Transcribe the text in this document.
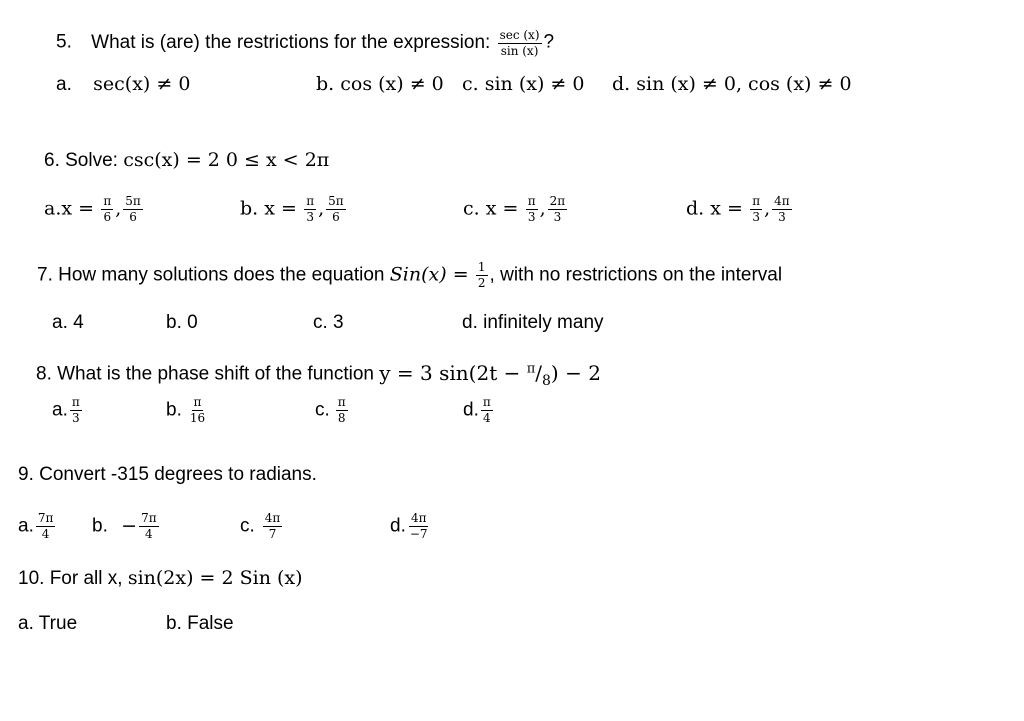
5. What is (are) the restrictions for the expression: $\frac{\sec (x)}{\sin (x)}$ ?
a. sec(x) ≠ 0	b. cos (x) ≠ 0 c. sin (x) ≠ 0 d. sin (x) ≠ 0, cos (x) ≠ 0
6. Solve: csc(x) = 2 0 ≤ x < 2π
$a.x = \frac{\pi}{6}$ , $\frac{5\pi}{6}$	b. $x = \frac{\pi}{3}$ , $\frac{5\pi}{6}$	c. $x = \frac{\pi}{3}$ , $\frac{2\pi}{3}$	d. $x = \frac{\pi}{3}$ , $\frac{4\pi}{3}$
7. How many solutions does the equation $Sin(x) = \frac{1}{2}$ , with no restrictions on the interval
a. 4	b. 0	c. 3	d. infinitely many
8. What is the phase shift of the function y = 3 $\sin(2t - ^\pi/_8) - 2$
a. $\frac{\pi}{3}$	b. $\frac{\pi}{16}$	c. $\frac{\pi}{8}$	d. $\frac{\pi}{4}$
9. Convert -315 degrees to radians.
a. $\frac{7\pi}{4} b$. − $\frac{7\pi}{4}$	c. $\frac{4\pi}{7}$	d. $\frac{4\pi}{-7}$
10. For all x, sin(2x) = 2 Sin (x)
a. True	b. False
